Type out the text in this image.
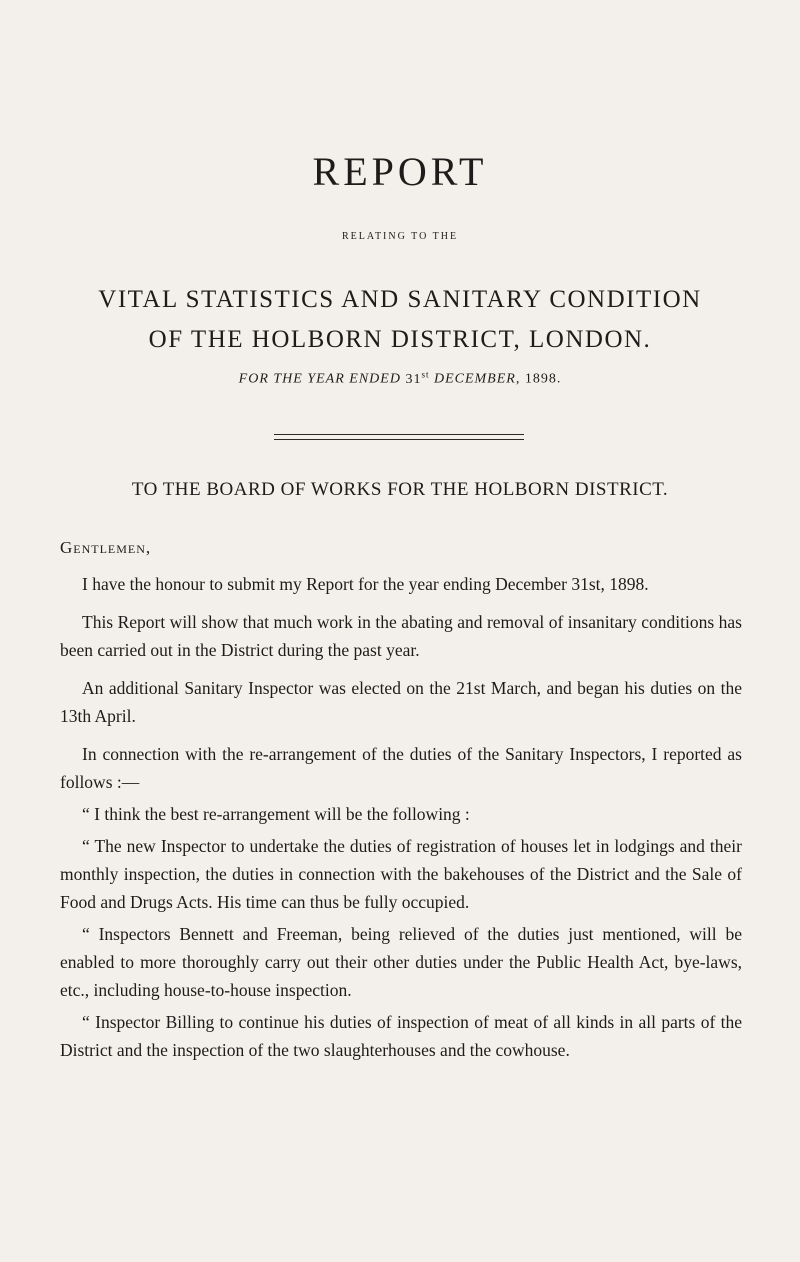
REPORT
RELATING TO THE
VITAL STATISTICS AND SANITARY CONDITION
OF THE HOLBORN DISTRICT, LONDON.
FOR THE YEAR ENDED 31st DECEMBER, 1898.
TO THE BOARD OF WORKS FOR THE HOLBORN DISTRICT.
Gentlemen,

I have the honour to submit my Report for the year ending December 31st, 1898.

This Report will show that much work in the abating and removal of insanitary conditions has been carried out in the District during the past year.

An additional Sanitary Inspector was elected on the 21st March, and began his duties on the 13th April.

In connection with the re-arrangement of the duties of the Sanitary Inspectors, I reported as follows :—

“ I think the best re-arrangement will be the following :

“ The new Inspector to undertake the duties of registration of houses let in lodgings and their monthly inspection, the duties in connection with the bakehouses of the District and the Sale of Food and Drugs Acts. His time can thus be fully occupied.

“ Inspectors Bennett and Freeman, being relieved of the duties just mentioned, will be enabled to more thoroughly carry out their other duties under the Public Health Act, bye-laws, etc., including house-to-house inspection.

“ Inspector Billing to continue his duties of inspection of meat of all kinds in all parts of the District and the inspection of the two slaughterhouses and the cowhouse.
